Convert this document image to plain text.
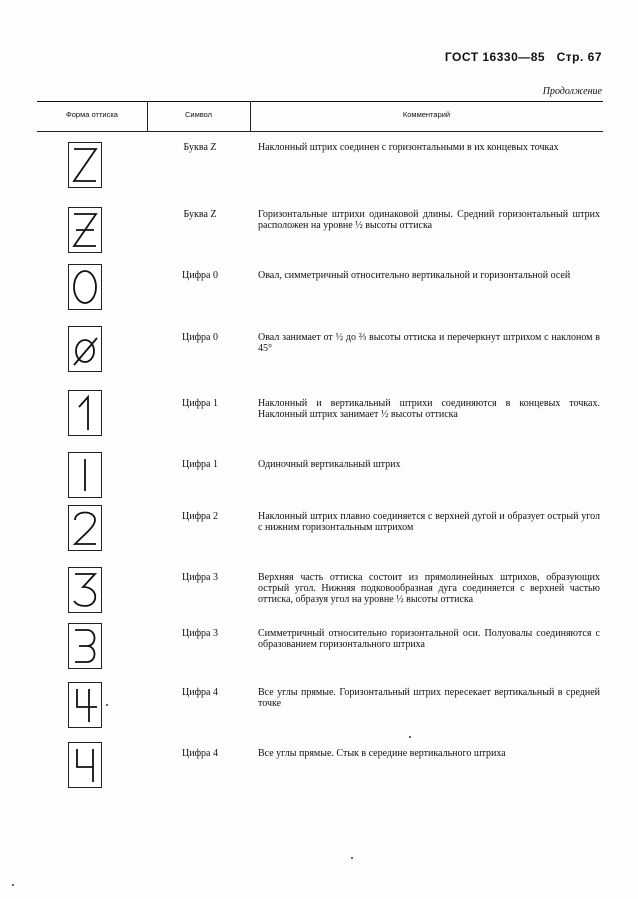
ГОСТ 16330—85 Стр. 67
Продолжение
Форма оттиска	Символ	Комментарий
Буква Z	Наклонный штрих соединен с горизонтальными в их концевых точках
Буква Z	Горизонтальные штрихи одинаковой длины. Средний горизонтальный штрих расположен на уровне ½ высоты оттиска
Цифра 0	Овал, симметричный относительно вертикальной и горизонтальной осей
Цифра 0	Овал занимает от ½ до ⅔ высоты оттиска и перечеркнут штрихом с наклоном в 45°
Цифра 1	Наклонный и вертикальный штрихи соединяются в концевых точках. Наклонный штрих занимает ½ высоты оттиска
Цифра 1	Одиночный вертикальный штрих
Цифра 2	Наклонный штрих плавно соединяется с верхней дугой и образует острый угол с нижним горизонтальным штрихом
Цифра 3	Верхняя часть оттиска состоит из прямолинейных штрихов, образующих острый угол. Нижняя подковообразная дуга соединяется с верхней частью оттиска, образуя угол на уровне ½ высоты оттиска
Цифра 3	Симметричный относительно горизонтальной оси. Полуовалы соединяются с образованием горизонтального штриха
Цифра 4	Все углы прямые. Горизонтальный штрих пересекает вертикальный в средней точке
Цифра 4	Все углы прямые. Стык в середине вертикального штриха
